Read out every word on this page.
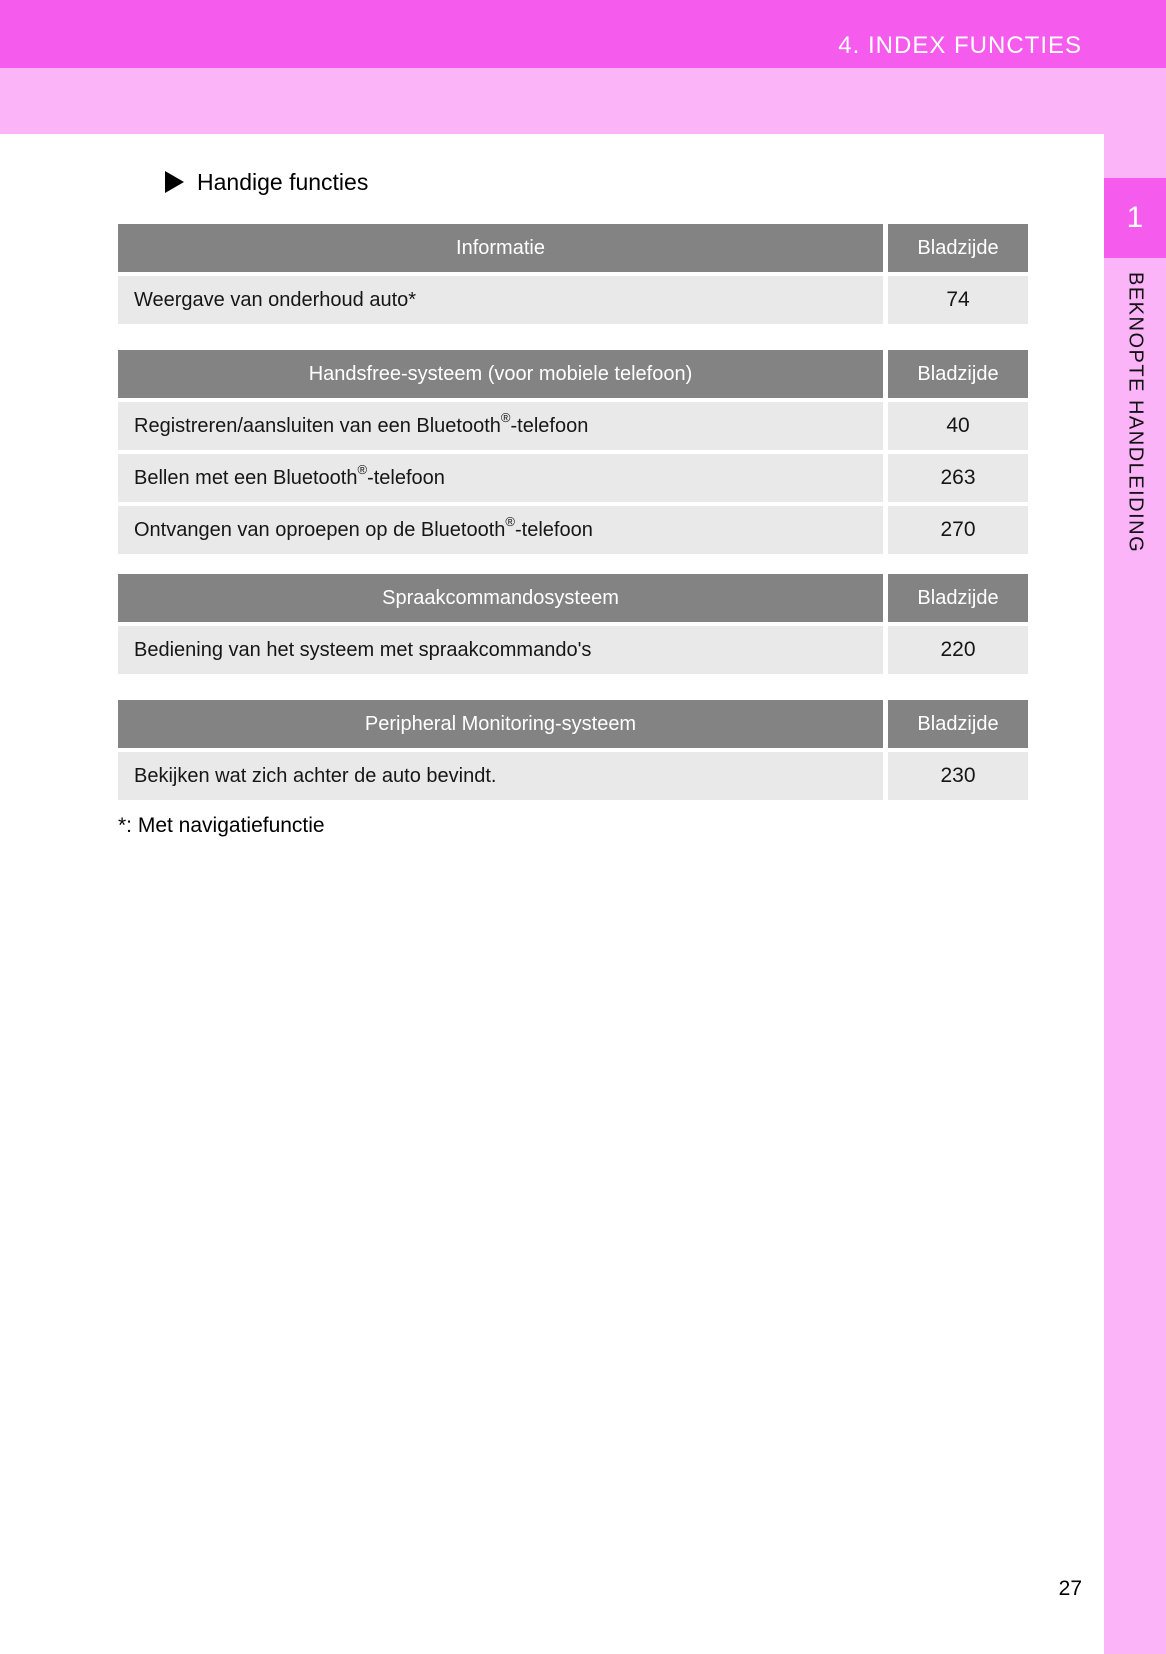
4. INDEX FUNCTIES
1
BEKNOPTE HANDLEIDING
Handige functies
Informatie	Bladzijde
Weergave van onderhoud auto*	74
Handsfree-systeem (voor mobiele telefoon)	Bladzijde
Registreren/aansluiten van een Bluetooth® -telefoon	40
Bellen met een Bluetooth® -telefoon	263
Ontvangen van oproepen op de Bluetooth® -telefoon	270
Spraakcommandosysteem	Bladzijde
Bediening van het systeem met spraakcommando's	220
Peripheral Monitoring-systeem	Bladzijde
Bekijken wat zich achter de auto bevindt.	230
*: Met navigatiefunctie
27
